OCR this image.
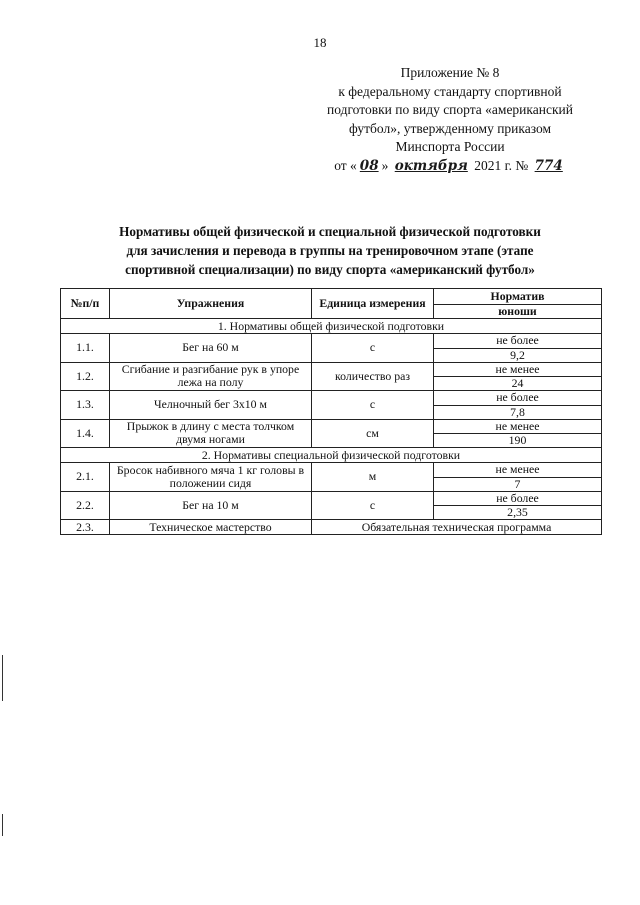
18
Приложение № 8
к федеральному стандарту спортивной
подготовки по виду спорта «американский
футбол», утвержденному приказом
Минспорта России
от « 08 » октября 2021 г. № 774
Нормативы общей физической и специальной физической подготовки
для зачисления и перевода в группы на тренировочном этапе (этапе
спортивной специализации) по виду спорта «американский футбол»
№п/п	Упражнения	Единица измерения	Норматив
			юноши
1. Нормативы общей физической подготовки			
1.1.	Бег на 60 м	с	не более
			9,2
1.2.	Сгибание и разгибание рук в упоре лежа на полу	количество раз	не менее
			24
1.3.	Челночный бег 3х10 м	с	не более
			7,8
1.4.	Прыжок в длину с места толчком двумя ногами	см	не менее
			190
2. Нормативы специальной физической подготовки			
2.1.	Бросок набивного мяча 1 кг головы в положении сидя	м	не менее
			7
2.2.	Бег на 10 м	с	не более
			2,35
2.3.	Техническое мастерство	Обязательная техническая программа	
